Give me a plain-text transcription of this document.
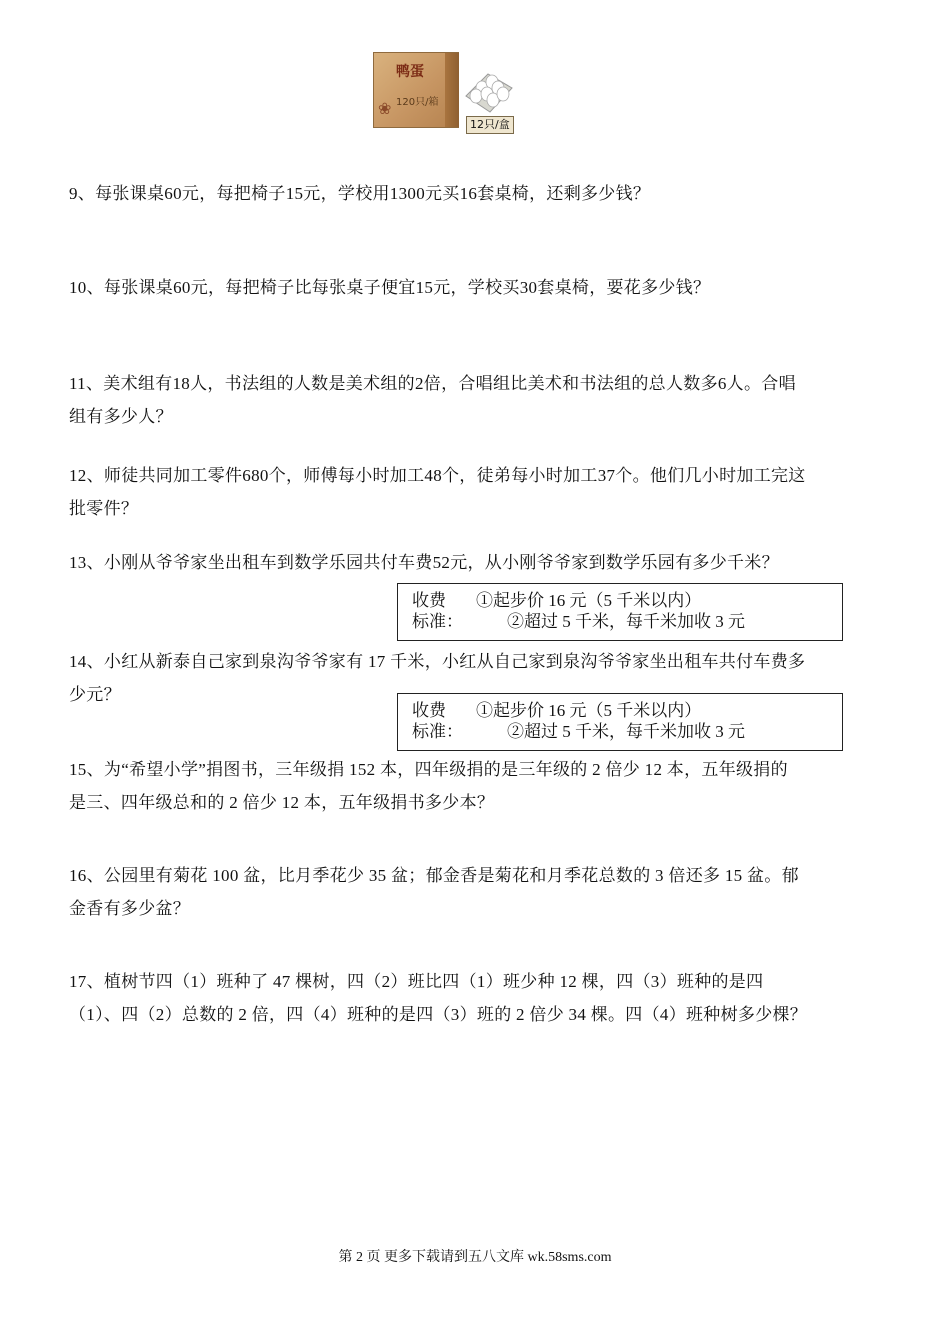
鸭蛋
120只/箱
❀
12只/盒
9、每张课桌60元，每把椅子15元，学校用1300元买16套桌椅，还剩多少钱？
10、每张课桌60元，每把椅子比每张桌子便宜15元，学校买30套桌椅，要花多少钱？
11、美术组有18人，书法组的人数是美术组的2倍，合唱组比美术和书法组的总人数多6人。合唱
组有多少人？
12、师徒共同加工零件680个，师傅每小时加工48个，徒弟每小时加工37个。他们几小时加工完这
批零件？
13、小刚从爷爷家坐出租车到数学乐园共付车费52元，从小刚爷爷家到数学乐园有多少千米？
收费 ①起步价 16 元（5 千米以内）
标准：	②超过 5 千米，每千米加收 3 元
14、小红从新泰自己家到泉沟爷爷家有 17 千米，小红从自己家到泉沟爷爷家坐出租车共付车费多
少元？
收费 ①起步价 16 元（5 千米以内）
标准：	②超过 5 千米，每千米加收 3 元
15、为“希望小学”捐图书，三年级捐 152 本，四年级捐的是三年级的 2 倍少 12 本，五年级捐的
是三、四年级总和的 2 倍少 12 本，五年级捐书多少本？
16、公园里有菊花 100 盆，比月季花少 35 盆；郁金香是菊花和月季花总数的 3 倍还多 15 盆。郁
金香有多少盆？
17、植树节四（1）班种了 47 棵树，四（2）班比四（1）班少种 12 棵，四（3）班种的是四
（1）、四（2）总数的 2 倍，四（4）班种的是四（3）班的 2 倍少 34 棵。四（4）班种树多少棵？
第 2 页 更多下载请到五八文库 wk.58sms.com
